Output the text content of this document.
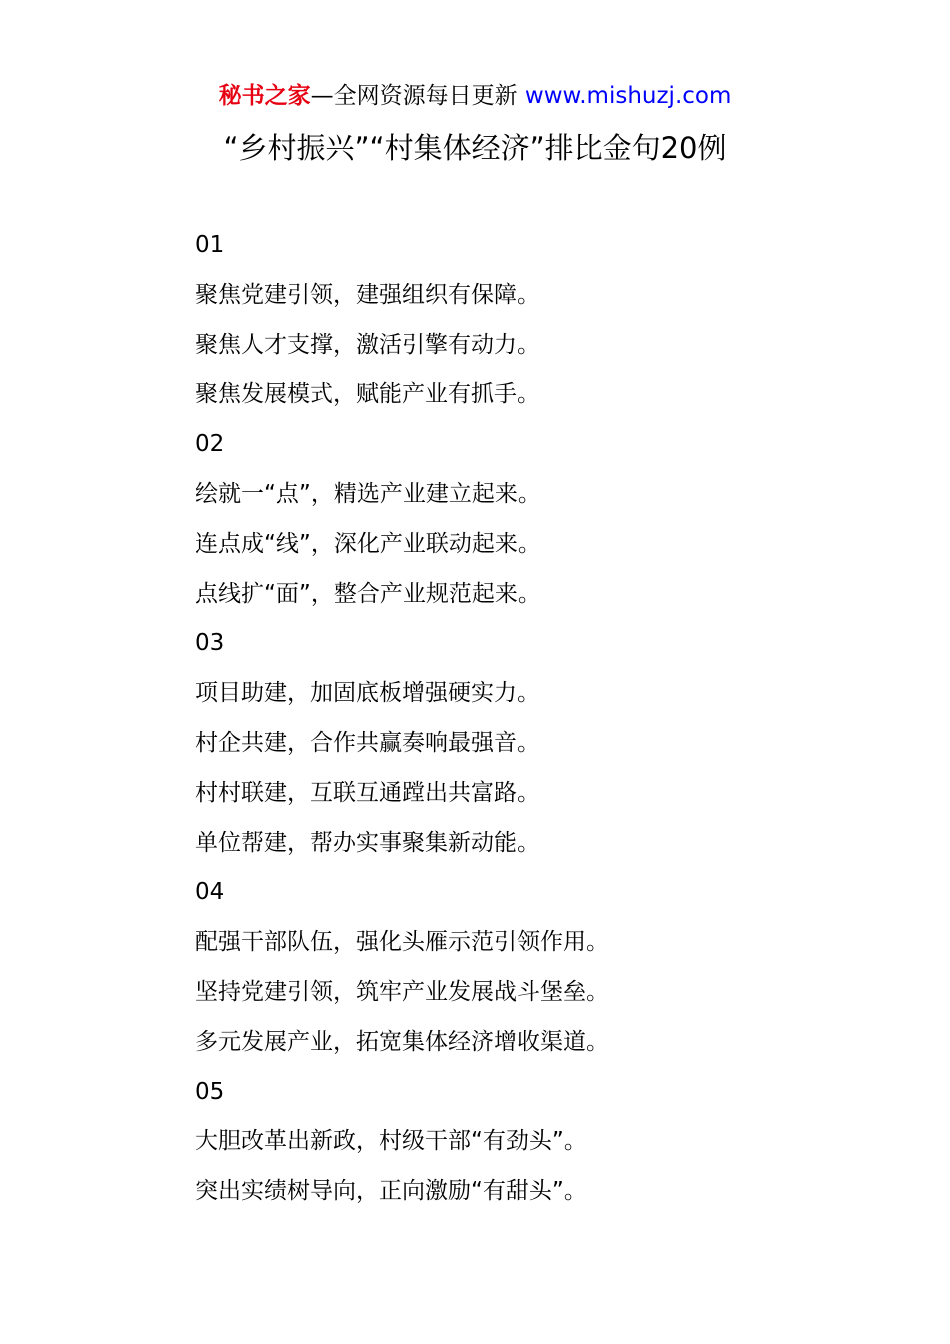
秘书之家—全网资源每日更新 www.mishuzj.com
“乡村振兴”“村集体经济”排比金句20例
01
聚焦党建引领，建强组织有保障。
聚焦人才支撑，激活引擎有动力。
聚焦发展模式，赋能产业有抓手。
02
绘就一“点”，精选产业建立起来。
连点成“线”，深化产业联动起来。
点线扩“面”，整合产业规范起来。
03
项目助建，加固底板增强硬实力。
村企共建，合作共赢奏响最强音。
村村联建，互联互通蹚出共富路。
单位帮建，帮办实事聚集新动能。
04
配强干部队伍，强化头雁示范引领作用。
坚持党建引领，筑牢产业发展战斗堡垒。
多元发展产业，拓宽集体经济增收渠道。
05
大胆改革出新政，村级干部“有劲头”。
突出实绩树导向，正向激励“有甜头”。
